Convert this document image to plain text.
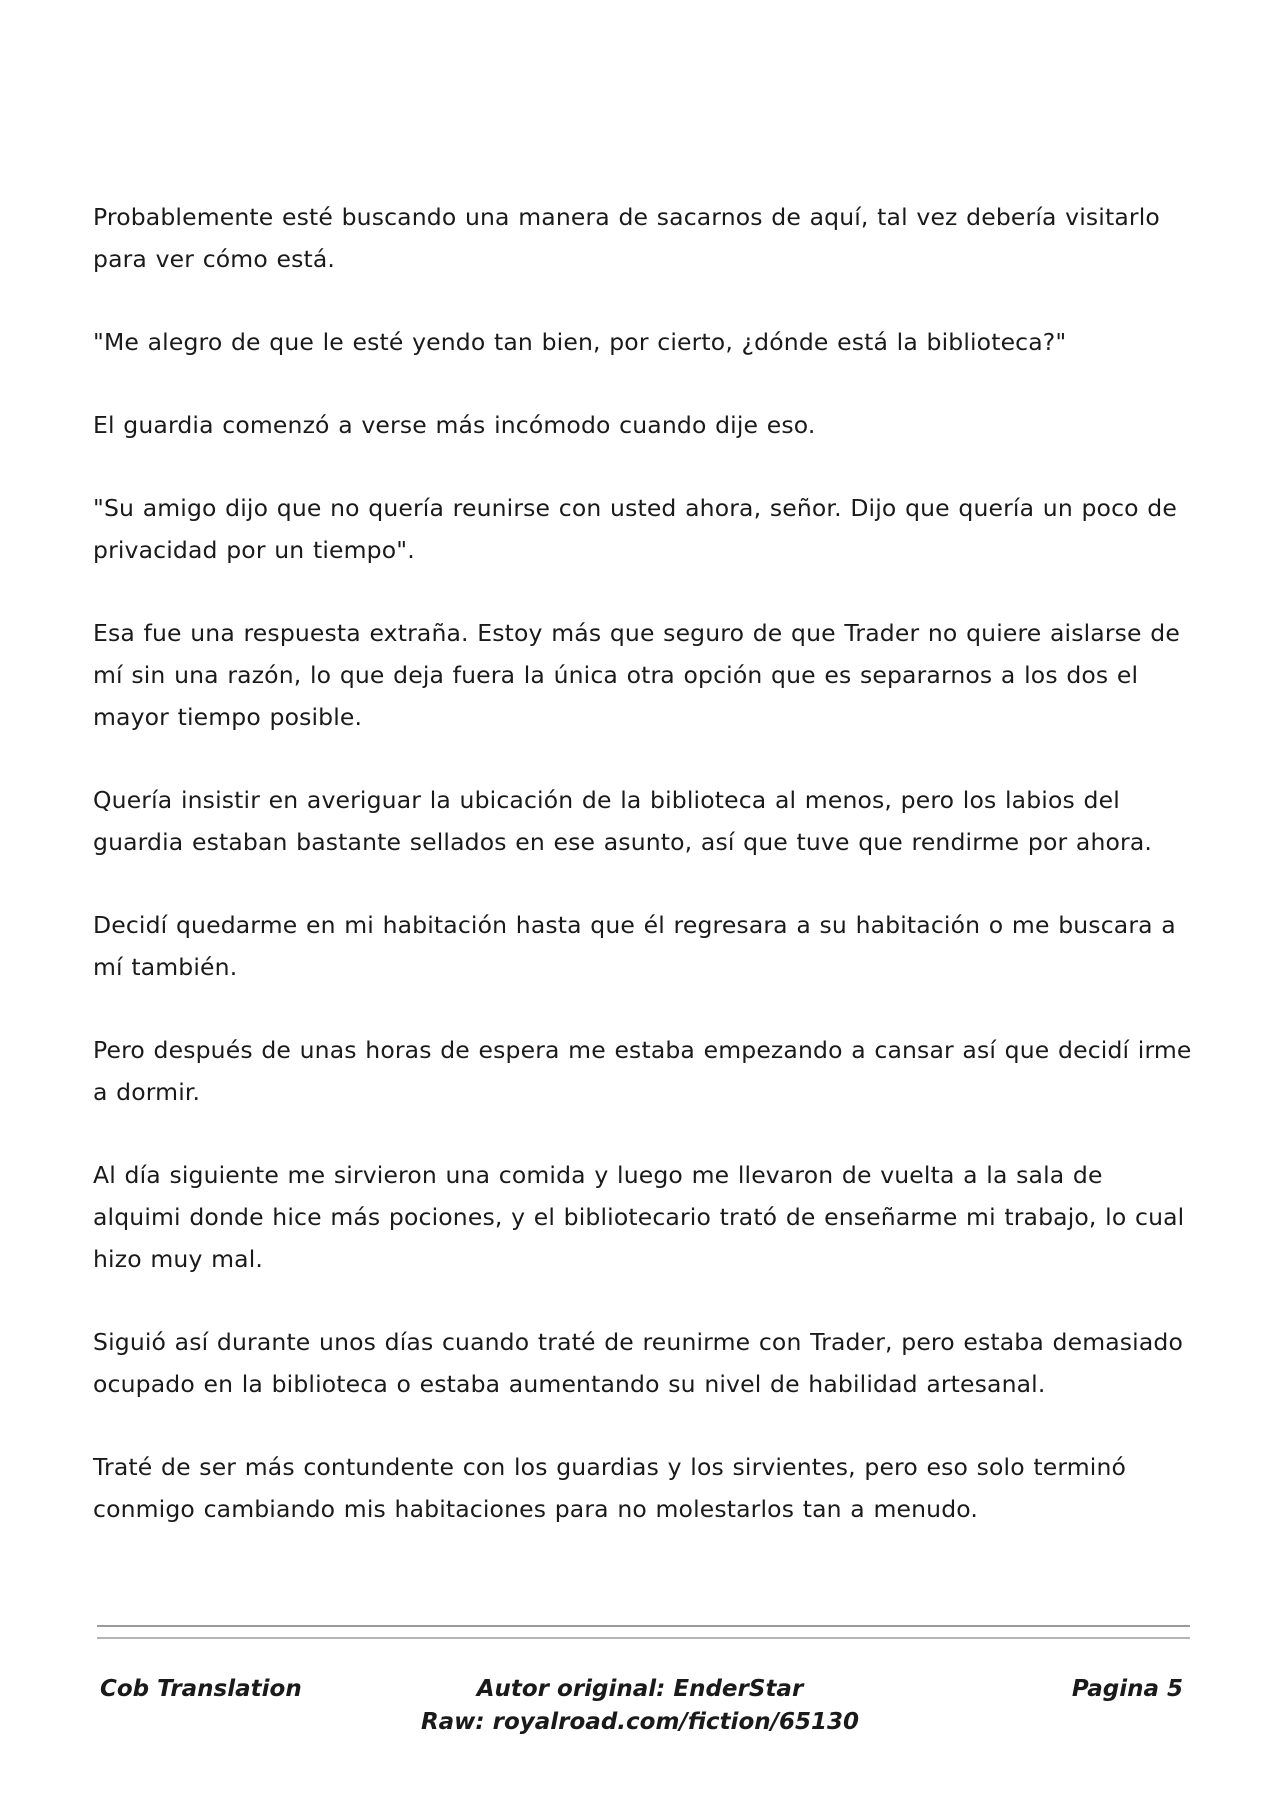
Probablemente esté buscando una manera de sacarnos de aquí, tal vez debería visitarlo para ver cómo está.

"Me alegro de que le esté yendo tan bien, por cierto, ¿dónde está la biblioteca?"

El guardia comenzó a verse más incómodo cuando dije eso.

"Su amigo dijo que no quería reunirse con usted ahora, señor. Dijo que quería un poco de privacidad por un tiempo".

Esa fue una respuesta extraña. Estoy más que seguro de que Trader no quiere aislarse de mí sin una razón, lo que deja fuera la única otra opción que es separarnos a los dos el mayor tiempo posible.

Quería insistir en averiguar la ubicación de la biblioteca al menos, pero los labios del guardia estaban bastante sellados en ese asunto, así que tuve que rendirme por ahora.

Decidí quedarme en mi habitación hasta que él regresara a su habitación o me buscara a mí también.

Pero después de unas horas de espera me estaba empezando a cansar así que decidí irme a dormir.

Al día siguiente me sirvieron una comida y luego me llevaron de vuelta a la sala de alquimi donde hice más pociones, y el bibliotecario trató de enseñarme mi trabajo, lo cual hizo muy mal.

Siguió así durante unos días cuando traté de reunirme con Trader, pero estaba demasiado ocupado en la biblioteca o estaba aumentando su nivel de habilidad artesanal.

Traté de ser más contundente con los guardias y los sirvientes, pero eso solo terminó conmigo cambiando mis habitaciones para no molestarlos tan a menudo.

Cob Translation	Autor original: EnderStar
Raw: royalroad.com/fiction/65130
Pagina 5
